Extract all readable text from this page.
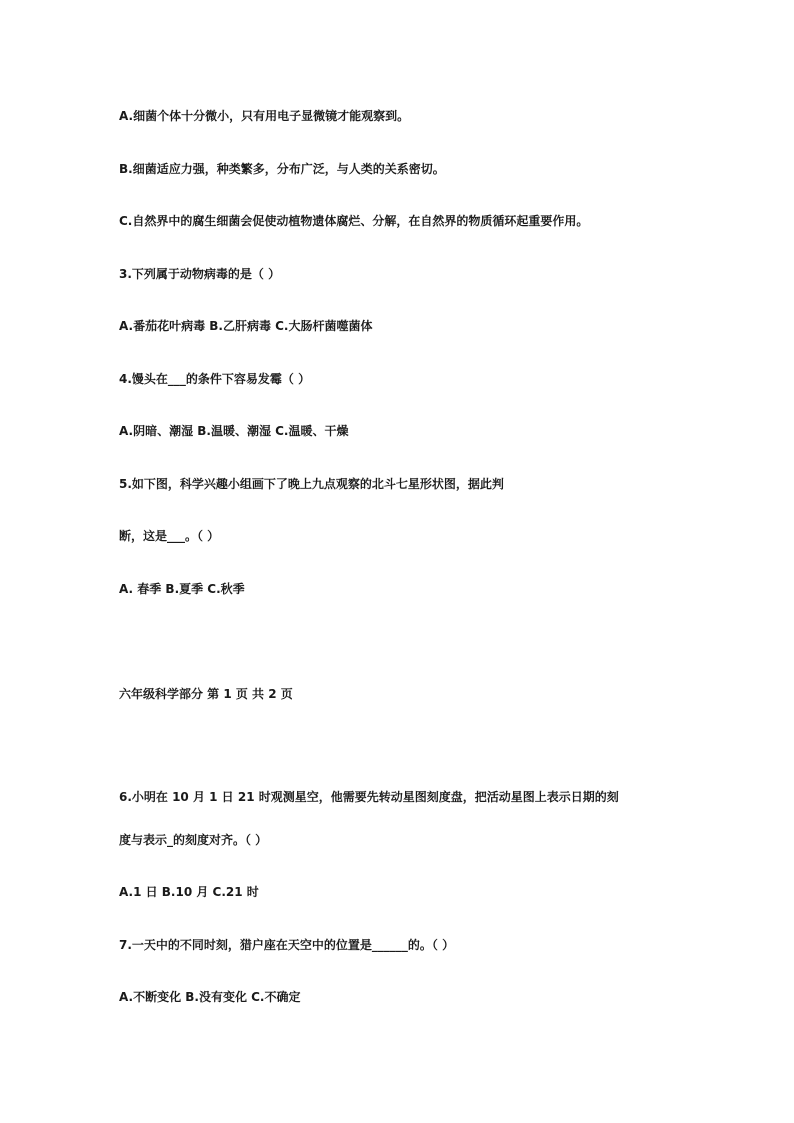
A.细菌个体十分微小，只有用电子显微镜才能观察到。
B.细菌适应力强，种类繁多，分布广泛，与人类的关系密切。
C.自然界中的腐生细菌会促使动植物遗体腐烂、分解，在自然界的物质循环起重要作用。
3.下列属于动物病毒的是（ ）
A.番茄花叶病毒 B.乙肝病毒 C.大肠杆菌噬菌体
4.馒头在___的条件下容易发霉（ ）
A.阴暗、潮湿 B.温暖、潮湿 C.温暖、干燥
5.如下图，科学兴趣小组画下了晚上九点观察的北斗七星形状图，据此判
断，这是___。（ ）
A. 春季 B.夏季 C.秋季
六年级科学部分 第 1 页 共 2 页
6.小明在 10 月 1 日 21 时观测星空，他需要先转动星图刻度盘，把活动星图上表示日期的刻
度与表示_的刻度对齐。（ ）
A.1 日 B.10 月 C.21 时
7.一天中的不同时刻，猎户座在天空中的位置是______的。（ ）
A.不断变化 B.没有变化 C.不确定
